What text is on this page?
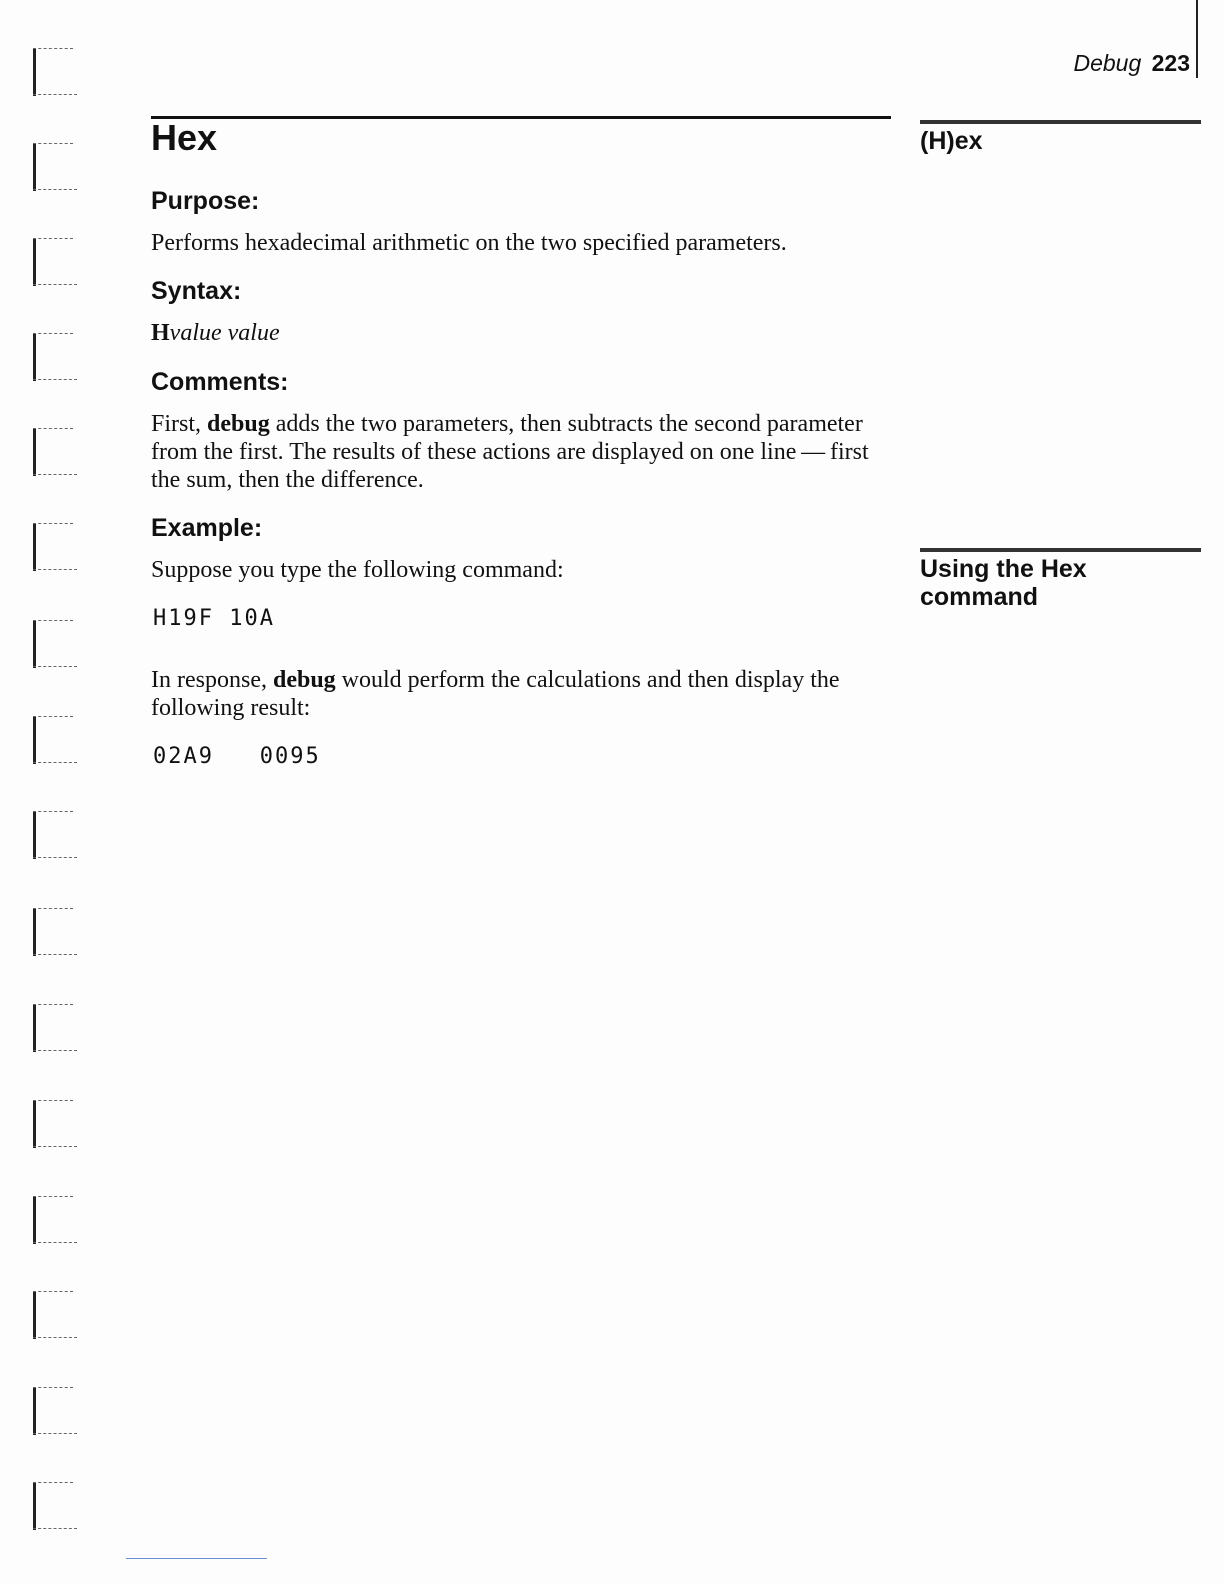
Debug 223
Hex
Purpose:

Performs hexadecimal arithmetic on the two specified parameters.

Syntax:

Hvalue value

Comments:

First, debug adds the two parameters, then subtracts the second parameter from the first. The results of these actions are displayed on one line — first the sum, then the difference.

Example:

Suppose you type the following command:

H19F 10A

In response, debug would perform the calculations and then display the following result:

02A9   0095
(H)ex
Using the Hex command
